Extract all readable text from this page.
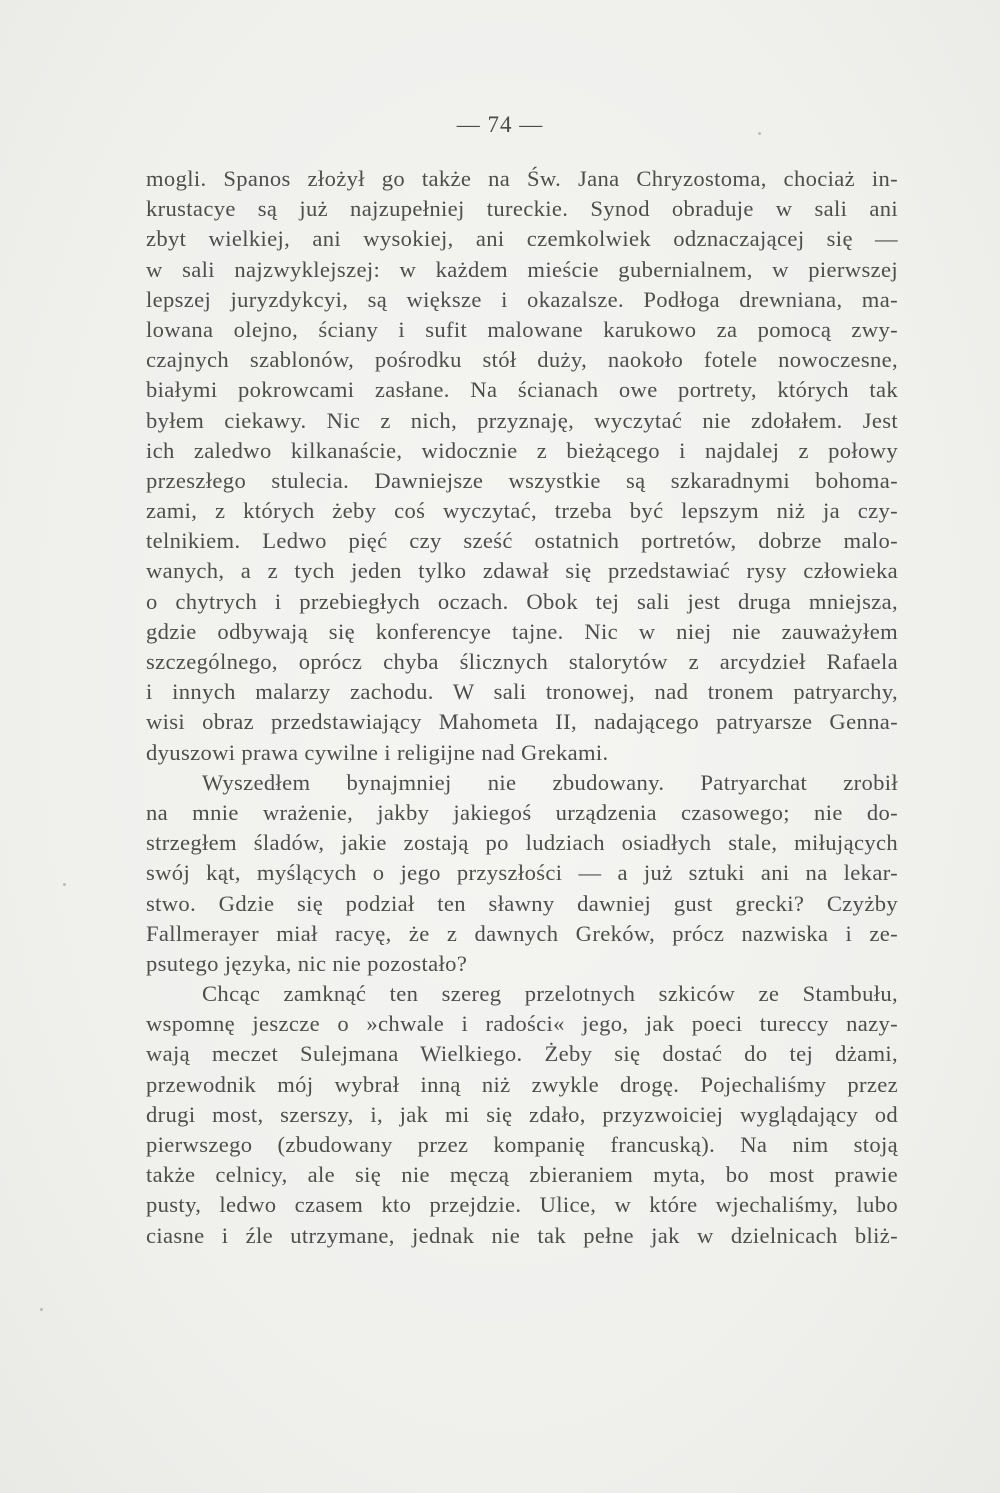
— 74 —

mogli. Spanos złożył go także na Św. Jana Chryzostoma, chociaż in-
krustacye są już najzupełniej tureckie. Synod obraduje w sali ani
zbyt wielkiej, ani wysokiej, ani czemkolwiek odznaczającej się —
w sali najzwyklejszej: w każdem mieście gubernialnem, w pierwszej
lepszej juryzdykcyi, są większe i okazalsze. Podłoga drewniana, ma-
lowana olejno, ściany i sufit malowane karukowo za pomocą zwy-
czajnych szablonów, pośrodku stół duży, naokoło fotele nowoczesne,
białymi pokrowcami zasłane. Na ścianach owe portrety, których tak
byłem ciekawy. Nic z nich, przyznaję, wyczytać nie zdołałem. Jest
ich zaledwo kilkanaście, widocznie z bieżącego i najdalej z połowy
przeszłego stulecia. Dawniejsze wszystkie są szkaradnymi bohoma-
zami, z których żeby coś wyczytać, trzeba być lepszym niż ja czy-
telnikiem. Ledwo pięć czy sześć ostatnich portretów, dobrze malo-
wanych, a z tych jeden tylko zdawał się przedstawiać rysy człowieka
o chytrych i przebiegłych oczach. Obok tej sali jest druga mniejsza,
gdzie odbywają się konferencye tajne. Nic w niej nie zauważyłem
szczególnego, oprócz chyba ślicznych stalorytów z arcydzieł Rafaela
i innych malarzy zachodu. W sali tronowej, nad tronem patryarchy,
wisi obraz przedstawiający Mahometa II, nadającego patryarsze Genna-
dyuszowi prawa cywilne i religijne nad Grekami.

Wyszedłem bynajmniej nie zbudowany. Patryarchat zrobił
na mnie wrażenie, jakby jakiegoś urządzenia czasowego; nie do-
strzegłem śladów, jakie zostają po ludziach osiadłych stale, miłujących
swój kąt, myślących o jego przyszłości — a już sztuki ani na lekar-
stwo. Gdzie się podział ten sławny dawniej gust grecki? Czyżby
Fallmerayer miał racyę, że z dawnych Greków, prócz nazwiska i ze-
psutego języka, nic nie pozostało?

Chcąc zamknąć ten szereg przelotnych szkiców ze Stambułu,
wspomnę jeszcze o »chwale i radości« jego, jak poeci tureccy nazy-
wają meczet Sulejmana Wielkiego. Żeby się dostać do tej dżami,
przewodnik mój wybrał inną niż zwykle drogę. Pojechaliśmy przez
drugi most, szerszy, i, jak mi się zdało, przyzwoiciej wyglądający od
pierwszego (zbudowany przez kompanię francuską). Na nim stoją
także celnicy, ale się nie męczą zbieraniem myta, bo most prawie
pusty, ledwo czasem kto przejdzie. Ulice, w które wjechaliśmy, lubo
ciasne i źle utrzymane, jednak nie tak pełne jak w dzielnicach bliż-
